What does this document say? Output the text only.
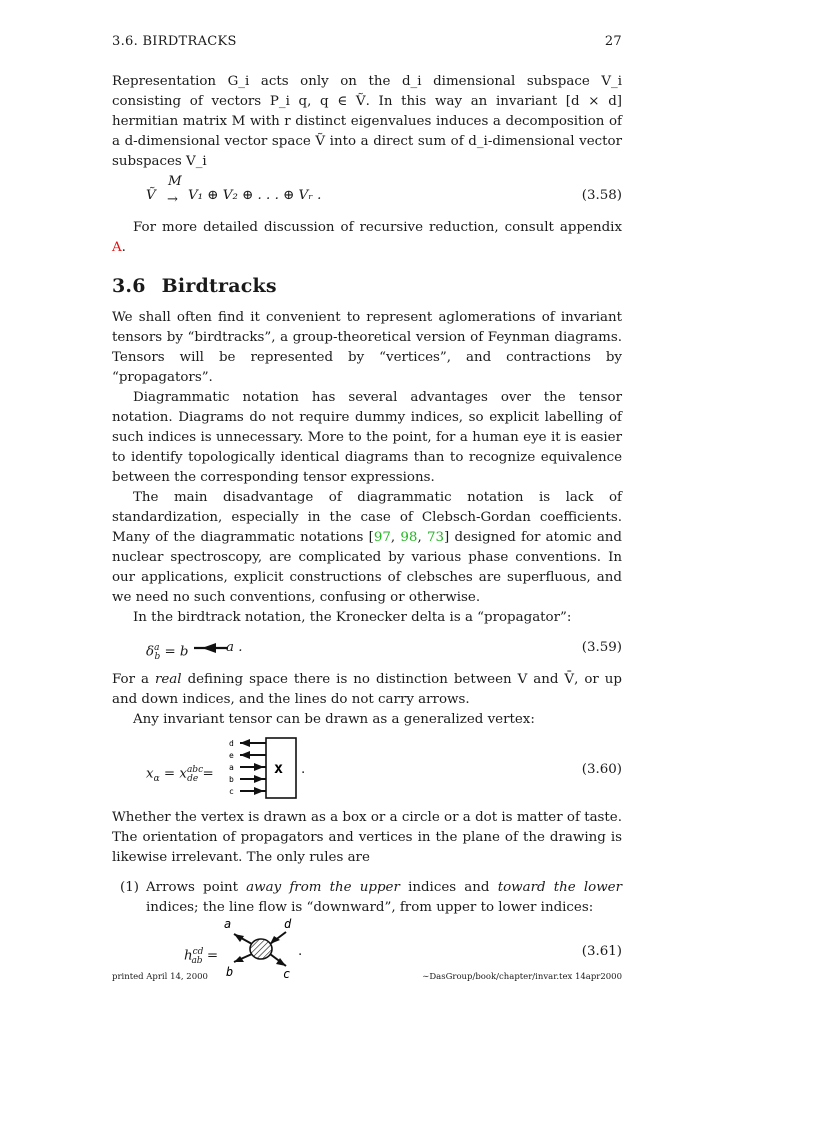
3.6. BIRDTRACKS	27

Representation G_i acts only on the d_i dimensional subspace V_i consisting of vectors P_i q, q ∈ Ṽ. In this way an invariant [d × d] hermitian matrix M with r distinct eigenvalues induces a decomposition of a d-dimensional vector space Ṽ into a direct sum of d_i-dimensional vector subspaces V_i

Ṽ
M
→ V₁ ⊕ V₂ ⊕ . . . ⊕ Vᵣ .	(3.58)

For more detailed discussion of recursive reduction, consult appendix A.

3.6 Birdtracks

We shall often find it convenient to represent aglomerations of invariant tensors by “birdtracks”, a group-theoretical version of Feynman diagrams. Tensors will be represented by “vertices”, and contractions by “propagators”.

Diagrammatic notation has several advantages over the tensor notation. Diagrams do not require dummy indices, so explicit labelling of such indices is unnecessary. More to the point, for a human eye it is easier to identify topologically identical diagrams than to recognize equivalence between the corresponding tensor expressions.

The main disadvantage of diagrammatic notation is lack of standardization, especially in the case of Clebsch-Gordan coefficients. Many of the diagrammatic notations [97, 98, 73] designed for atomic and nuclear spectroscopy, are complicated by various phase conventions. In our applications, explicit constructions of clebsches are superfluous, and we need no such conventions, confusing or otherwise.

In the birdtrack notation, the Kronecker delta is a “propagator”:

$\delta^a_b = b$	a .	(3.59)

For a real defining space there is no distinction between V and V̄, or up and down indices, and the lines do not carry arrows.

Any invariant tensor can be drawn as a generalized vertex:

$x_\alpha = x^{abc}_{de}$ =
d
e
a
b
c
x .	(3.60)

Whether the vertex is drawn as a box or a circle or a dot is matter of taste. The orientation of propagators and vertices in the plane of the drawing is likewise irrelevant. The only rules are

(1) Arrows point away from the upper indices and toward the lower indices; the line flow is “downward”, from upper to lower indices:

$h^{cd}_{ab}$ =
a	d
b	c
.	(3.61)
printed April 14, 2000	∼DasGroup/book/chapter/invar.tex 14apr2000
